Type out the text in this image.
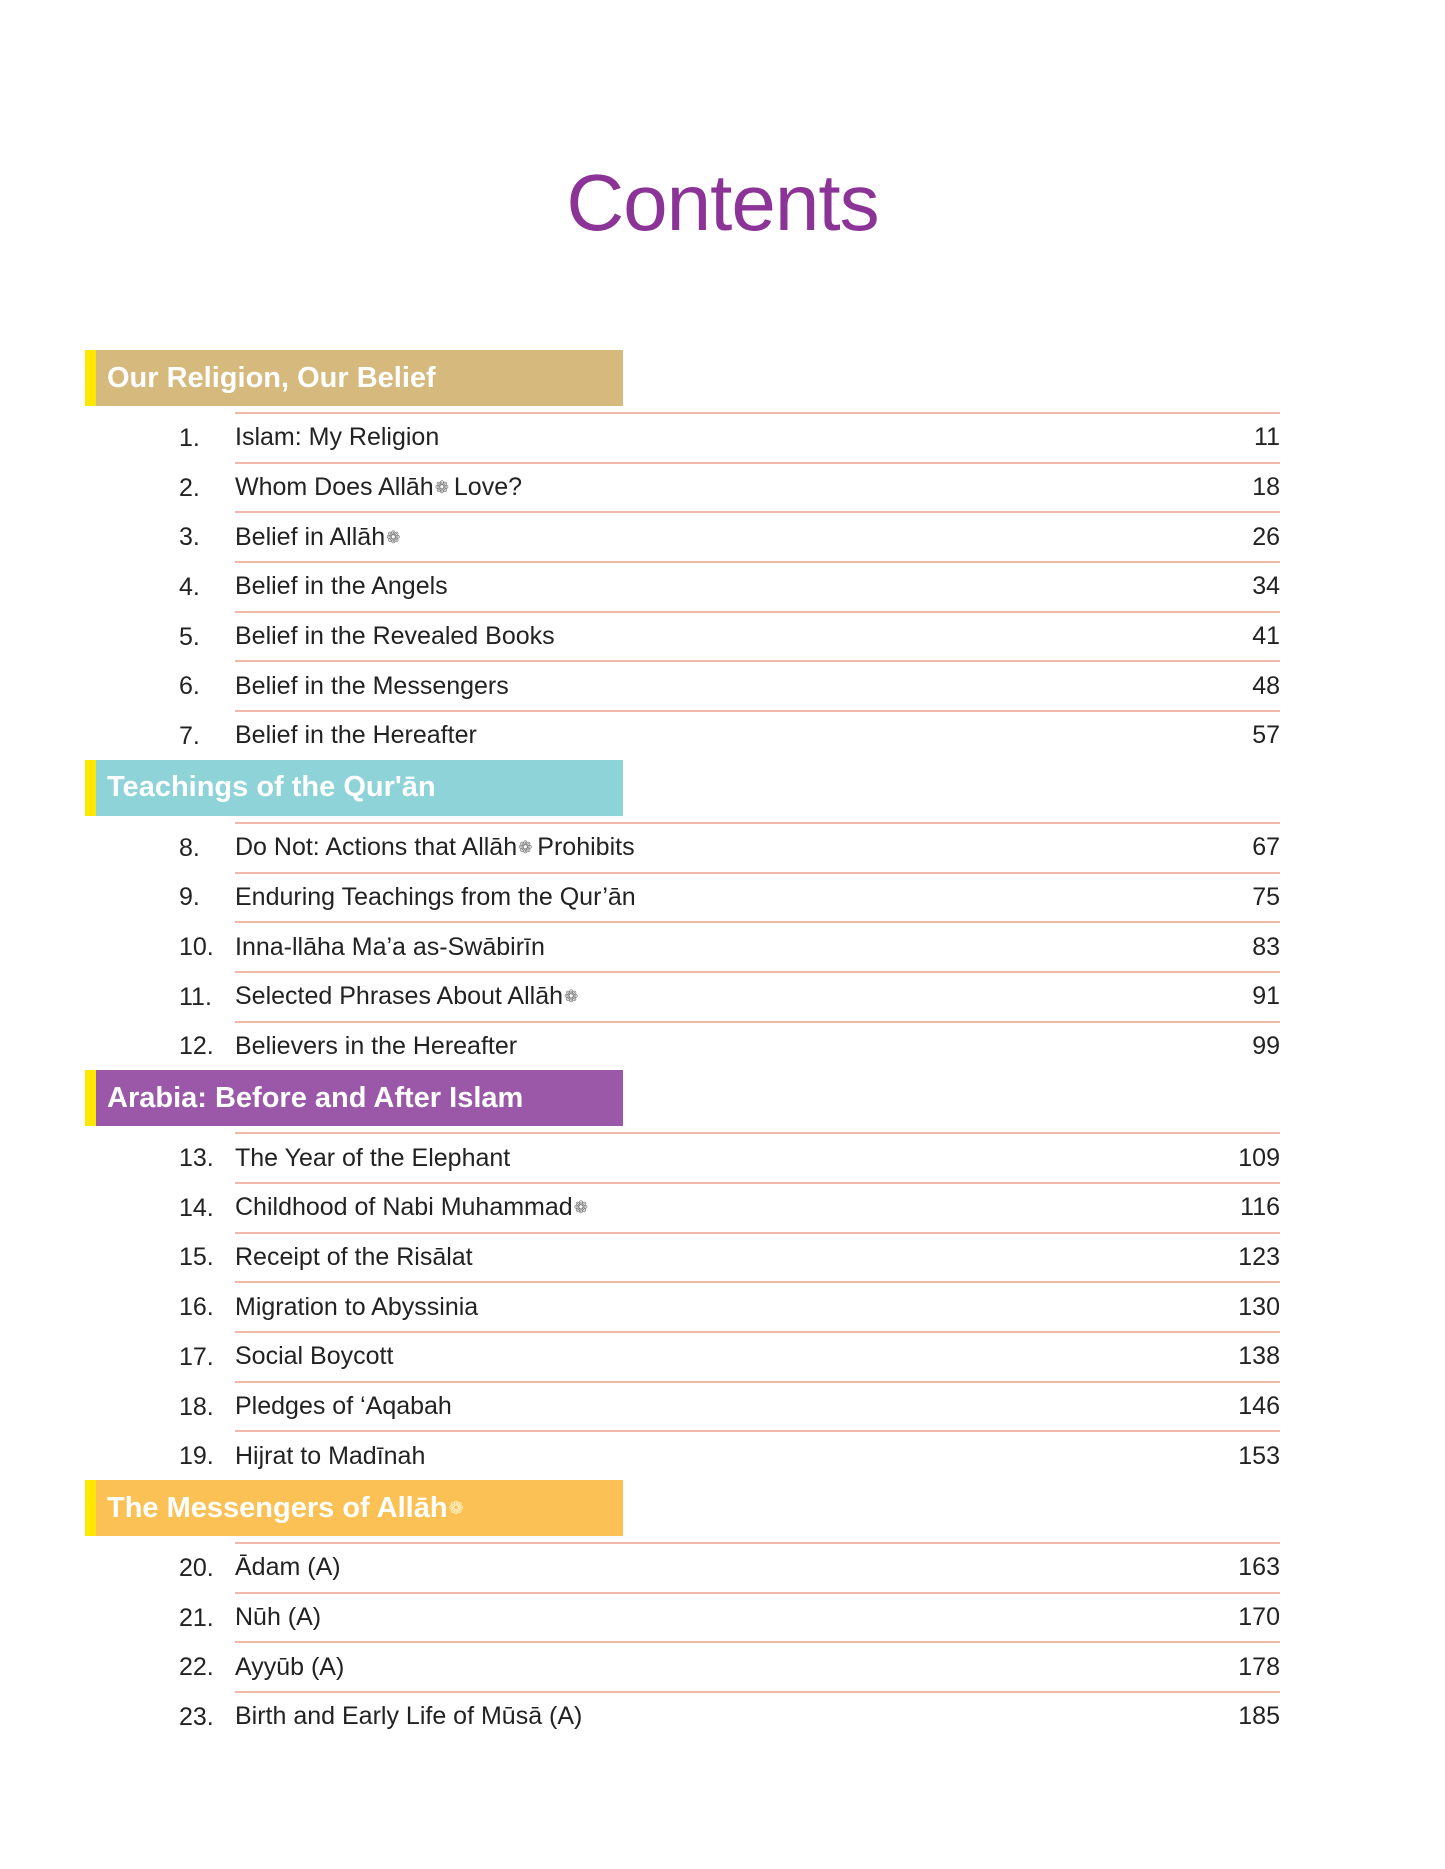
Contents
Our Religion, Our Belief
1. Islam: My Religion	11
2. Whom Does Allāh❁ Love?	18
3. Belief in Allāh❁	26
4. Belief in the Angels	34
5. Belief in the Revealed Books	41
6. Belief in the Messengers	48
7. Belief in the Hereafter	57
Teachings of the Qur'ān
8. Do Not: Actions that Allāh❁ Prohibits	67
9. Enduring Teachings from the Qur’ān	75
10. Inna-llāha Ma’a as-Swābirīn	83
11. Selected Phrases About Allāh❁	91
12. Believers in the Hereafter	99
Arabia: Before and After Islam
13. The Year of the Elephant	109
14. Childhood of Nabi Muhammad❁	116
15. Receipt of the Risālat	123
16. Migration to Abyssinia	130
17. Social Boycott	138
18. Pledges of ‘Aqabah	146
19. Hijrat to Madīnah	153
The Messengers of Allāh ❁
20. Ādam (A)	163
21. Nūh (A)	170
22. Ayyūb (A)	178
23. Birth and Early Life of Mūsā (A)	185
